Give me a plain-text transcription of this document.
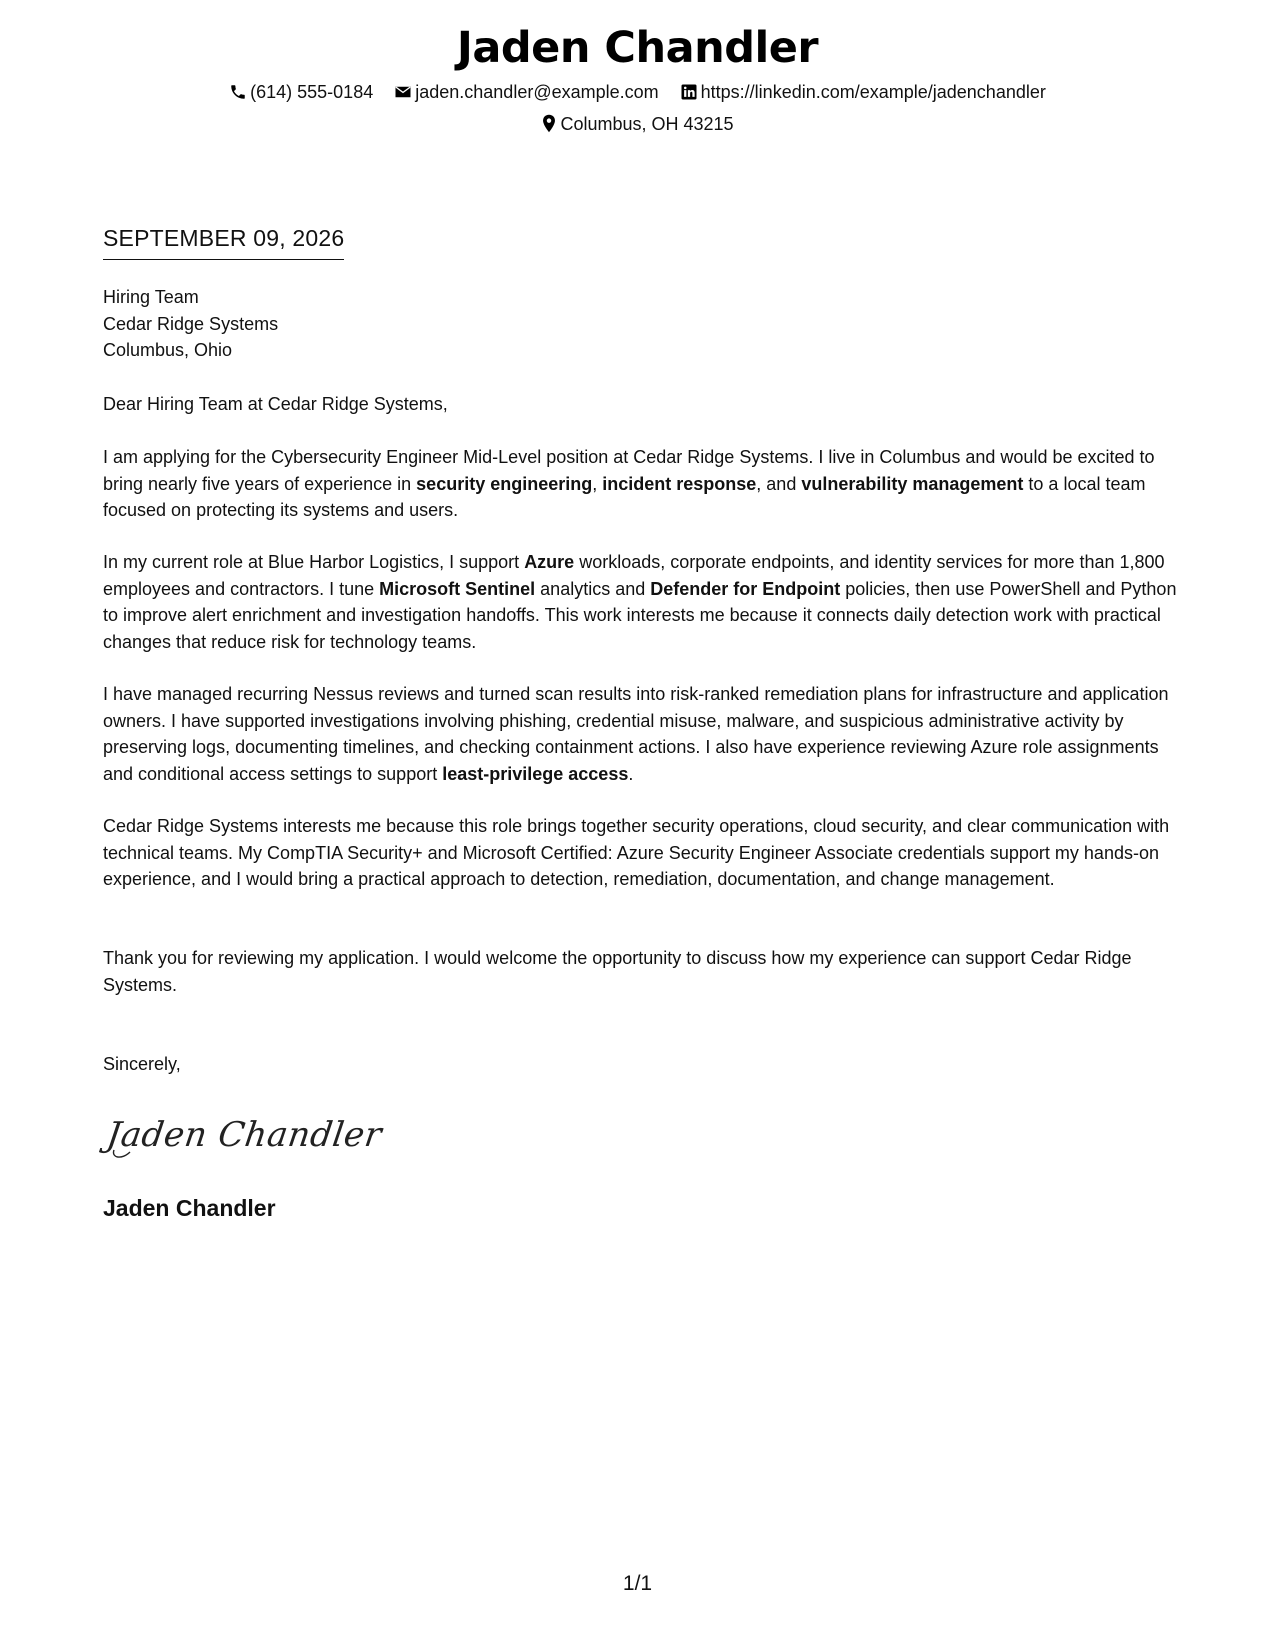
Jaden Chandler
(614) 555-0184 jaden.chandler@example.com https://linkedin.com/example/jadenchandler
Columbus, OH 43215
SEPTEMBER 09, 2026
Hiring Team
Cedar Ridge Systems
Columbus, Ohio
Dear Hiring Team at Cedar Ridge Systems,
I am applying for the Cybersecurity Engineer Mid-Level position at Cedar Ridge Systems. I live in Columbus and would be excited to bring nearly five years of experience in security engineering, incident response, and vulnerability management to a local team focused on protecting its systems and users.
In my current role at Blue Harbor Logistics, I support Azure workloads, corporate endpoints, and identity services for more than 1,800 employees and contractors. I tune Microsoft Sentinel analytics and Defender for Endpoint policies, then use PowerShell and Python to improve alert enrichment and investigation handoffs. This work interests me because it connects daily detection work with practical changes that reduce risk for technology teams.
I have managed recurring Nessus reviews and turned scan results into risk-ranked remediation plans for infrastructure and application owners. I have supported investigations involving phishing, credential misuse, malware, and suspicious administrative activity by preserving logs, documenting timelines, and checking containment actions. I also have experience reviewing Azure role assignments and conditional access settings to support least-privilege access.
Cedar Ridge Systems interests me because this role brings together security operations, cloud security, and clear communication with technical teams. My CompTIA Security+ and Microsoft Certified: Azure Security Engineer Associate credentials support my hands-on experience, and I would bring a practical approach to detection, remediation, documentation, and change management.
Thank you for reviewing my application. I would welcome the opportunity to discuss how my experience can support Cedar Ridge Systems.
Sincerely,
Jaden Chandler
Jaden Chandler
1/1
